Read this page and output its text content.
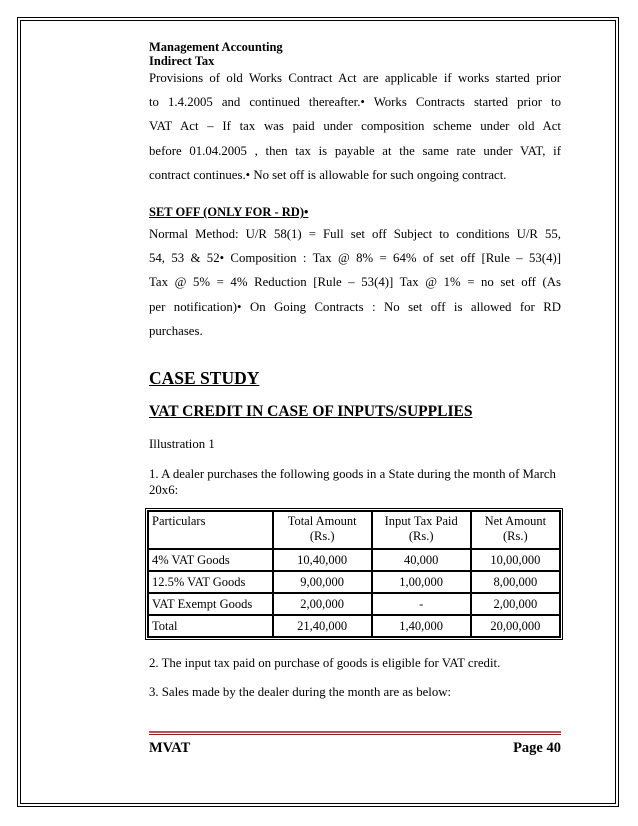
Management Accounting
Indirect Tax
Provisions of old Works Contract Act are applicable if works started prior
to 1.4.2005 and continued thereafter.• Works Contracts started prior to
VAT Act – If tax was paid under composition scheme under old Act
before 01.04.2005 , then tax is payable at the same rate under VAT, if
contract continues.• No set off is allowable for such ongoing contract.
SET OFF (ONLY FOR - RD)•
Normal Method: U/R 58(1) = Full set off Subject to conditions U/R 55,
54, 53 & 52• Composition : Tax @ 8% = 64% of set off [Rule – 53(4)]
Tax @ 5% = 4% Reduction [Rule – 53(4)] Tax @ 1% = no set off (As
per notification)• On Going Contracts : No set off is allowed for RD
purchases.
CASE STUDY
VAT CREDIT IN CASE OF INPUTS/SUPPLIES
Illustration 1
1. A dealer purchases the following goods in a State during the month of March 20x6:
Particulars	Total Amount (Rs.)	Input Tax Paid (Rs.)	Net Amount (Rs.)
4% VAT Goods	10,40,000	40,000	10,00,000
12.5% VAT Goods	9,00,000	1,00,000	8,00,000
VAT Exempt Goods	2,00,000	-	2,00,000
Total	21,40,000	1,40,000	20,00,000
2. The input tax paid on purchase of goods is eligible for VAT credit.
3. Sales made by the dealer during the month are as below:
MVAT	Page 40
